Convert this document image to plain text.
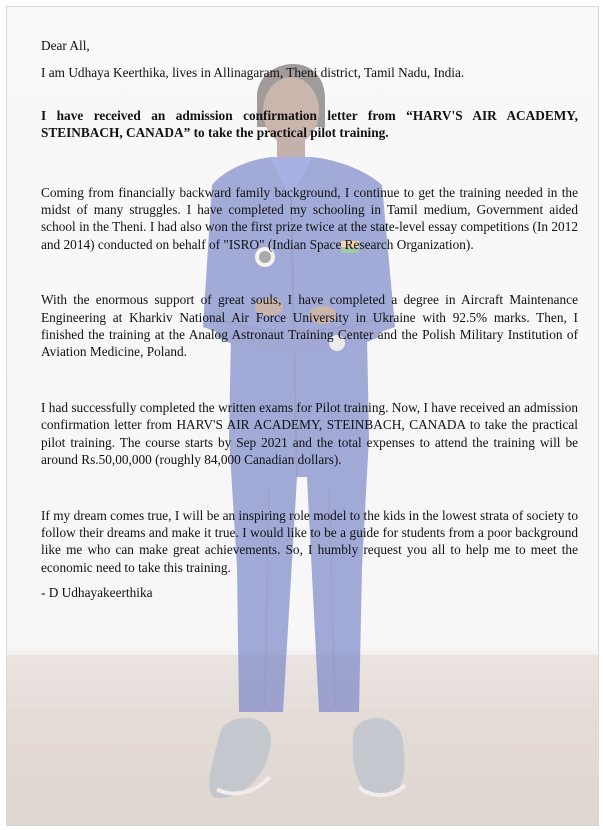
Dear All,

I am Udhaya Keerthika, lives in Allinagaram, Theni district, Tamil Nadu, India.

I have received an admission confirmation letter from “HARV'S AIR ACADEMY, STEINBACH, CANADA” to take the practical pilot training.

Coming from financially backward family background, I continue to get the training needed in the midst of many struggles. I have completed my schooling in Tamil medium, Government aided school in the Theni. I had also won the first prize twice at the state-level essay competitions (In 2012 and 2014) conducted on behalf of "ISRO" (Indian Space Research Organization).

With the enormous support of great souls, I have completed a degree in Aircraft Maintenance Engineering at Kharkiv National Air Force University in Ukraine with 92.5% marks. Then, I finished the training at the Analog Astronaut Training Center and the Polish Military Institution of Aviation Medicine, Poland.

I had successfully completed the written exams for Pilot training. Now, I have received an admission confirmation letter from HARV'S AIR ACADEMY, STEINBACH, CANADA to take the practical pilot training. The course starts by Sep 2021 and the total expenses to attend the training will be around Rs.50,00,000 (roughly 84,000 Canadian dollars).

If my dream comes true, I will be an inspiring role model to the kids in the lowest strata of society to follow their dreams and make it true. I would like to be a guide for students from a poor background like me who can make great achievements. So, I humbly request you all to help me to meet the economic need to take this training.

- D Udhayakeerthika
